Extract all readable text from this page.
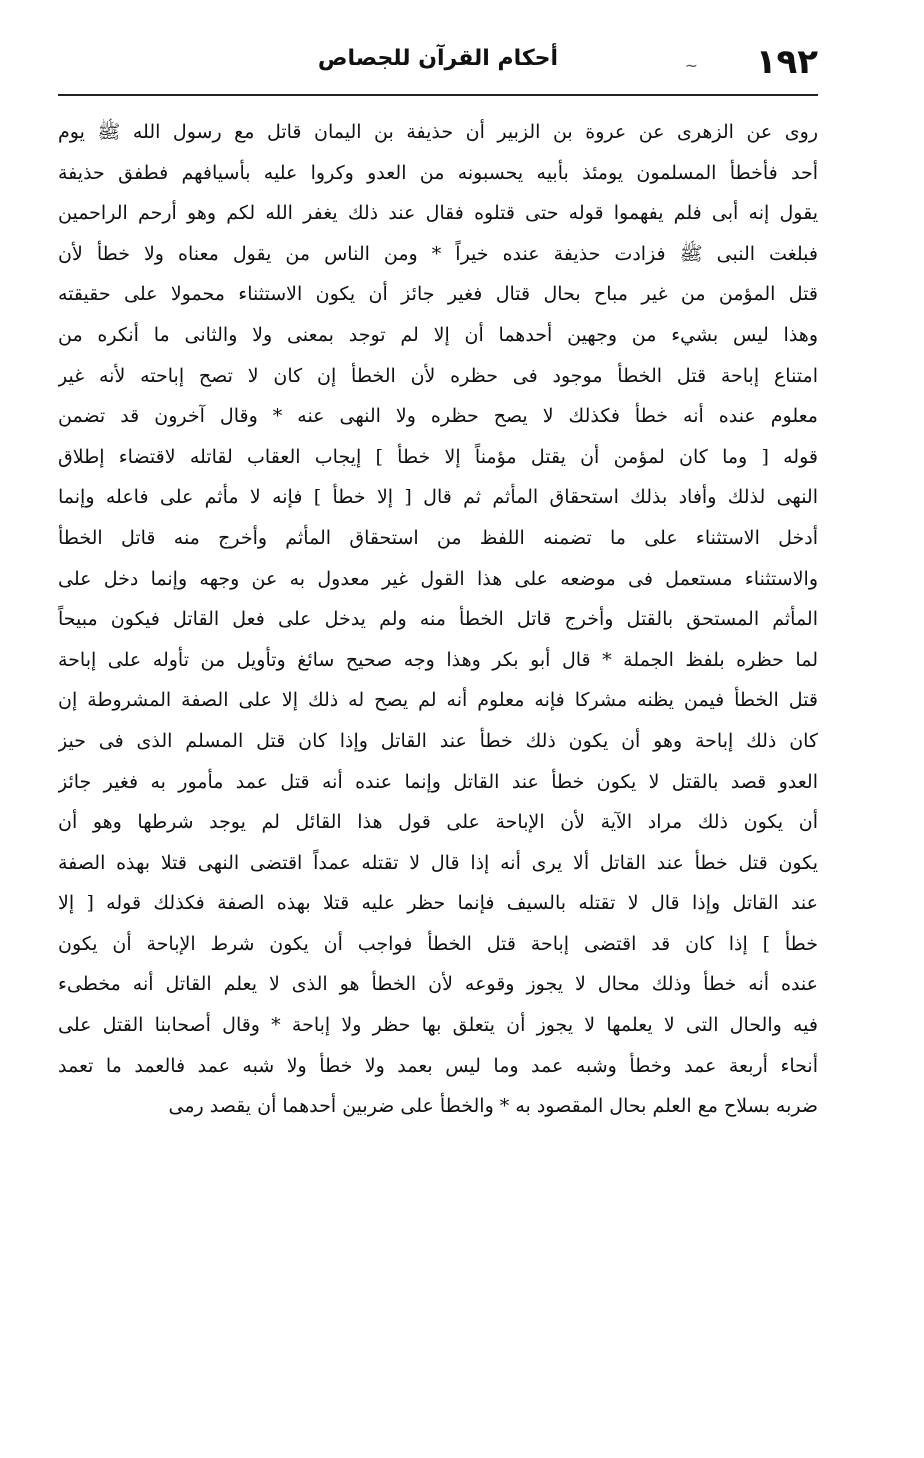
١٩٢
~
أحكام القرآن للجصاص
روى عن الزهرى عن عروة بن الزبير أن حذيفة بن اليمان قاتل مع رسول الله ﷺ يوم
أحد فأخطأ المسلمون يومئذ بأبيه يحسبونه من العدو وكروا عليه بأسيافهم فطفق حذيفة
يقول إنه أبى فلم يفهموا قوله حتى قتلوه فقال عند ذلك يغفر الله لكم وهو أرحم الراحمين
فبلغت النبى ﷺ فزادت حذيفة عنده خيراً * ومن الناس من يقول معناه ولا خطأ لأن
قتل المؤمن من غير مباح بحال قتال فغير جائز أن يكون الاستثناء محمولا على حقيقته
وهذا ليس بشيء من وجهين أحدهما أن إلا لم توجد بمعنى ولا والثانى ما أنكره من
امتناع إباحة قتل الخطأ موجود فى حظره لأن الخطأ إن كان لا تصح إباحته لأنه غير
معلوم عنده أنه خطأ فكذلك لا يصح حظره ولا النهى عنه * وقال آخرون قد تضمن
قوله [ وما كان لمؤمن أن يقتل مؤمناً إلا خطأ ] إيجاب العقاب لقاتله لاقتضاء إطلاق
النهى لذلك وأفاد بذلك استحقاق المأثم ثم قال [ إلا خطأ ] فإنه لا مأثم على فاعله وإنما
أدخل الاستثناء على ما تضمنه اللفظ من استحقاق المأثم وأخرج منه قاتل الخطأ
والاستثناء مستعمل فى موضعه على هذا القول غير معدول به عن وجهه وإنما دخل على
المأثم المستحق بالقتل وأخرج قاتل الخطأ منه ولم يدخل على فعل القاتل فيكون مبيحاً
لما حظره بلفظ الجملة * قال أبو بكر وهذا وجه صحيح سائغ وتأويل من تأوله على إباحة
قتل الخطأ فيمن يظنه مشركا فإنه معلوم أنه لم يصح له ذلك إلا على الصفة المشروطة إن
كان ذلك إباحة وهو أن يكون ذلك خطأ عند القاتل وإذا كان قتل المسلم الذى فى حيز
العدو قصد بالقتل لا يكون خطأ عند القاتل وإنما عنده أنه قتل عمد مأمور به فغير جائز
أن يكون ذلك مراد الآية لأن الإباحة على قول هذا القائل لم يوجد شرطها وهو أن
يكون قتل خطأ عند القاتل ألا يرى أنه إذا قال لا تقتله عمداً اقتضى النهى قتلا بهذه الصفة
عند القاتل وإذا قال لا تقتله بالسيف فإنما حظر عليه قتلا بهذه الصفة فكذلك قوله [ إلا
خطأ ] إذا كان قد اقتضى إباحة قتل الخطأ فواجب أن يكون شرط الإباحة أن يكون
عنده أنه خطأ وذلك محال لا يجوز وقوعه لأن الخطأ هو الذى لا يعلم القاتل أنه مخطىء
فيه والحال التى لا يعلمها لا يجوز أن يتعلق بها حظر ولا إباحة * وقال أصحابنا القتل على
أنحاء أربعة عمد وخطأ وشبه عمد وما ليس بعمد ولا خطأ ولا شبه عمد فالعمد ما تعمد
ضربه بسلاح مع العلم بحال المقصود به * والخطأ على ضربين أحدهما أن يقصد رمى
